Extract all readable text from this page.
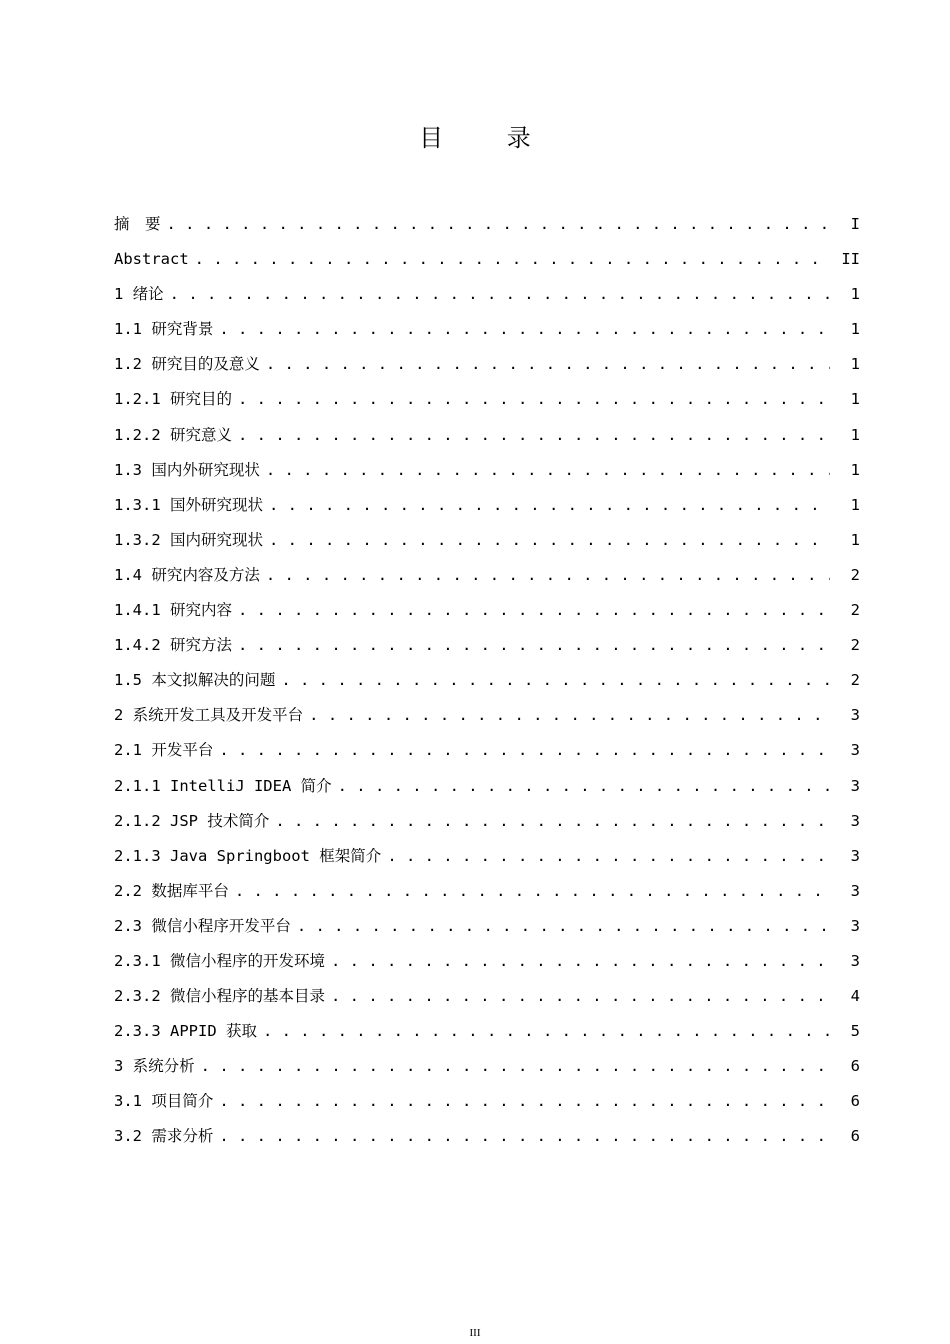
目 录
摘　要 . . .	I
Abstract . . .	II
1 绪论 . . .	1
1.1 研究背景 . . .	1
1.2 研究目的及意义 . . .	1
1.2.1 研究目的 . . .	1
1.2.2 研究意义 . . .	1
1.3 国内外研究现状 . . .	1
1.3.1 国外研究现状 . . .	1
1.3.2 国内研究现状 . . .	1
1.4 研究内容及方法 . . .	2
1.4.1 研究内容 . . .	2
1.4.2 研究方法 . . .	2
1.5 本文拟解决的问题 . . .	2
2 系统开发工具及开发平台 . . .	3
2.1 开发平台 . . .	3
2.1.1 IntelliJ IDEA 简介 . . .	3
2.1.2 JSP 技术简介 . . .	3
2.1.3 Java Springboot 框架简介 . . .	3
2.2 数据库平台 . . .	3
2.3 微信小程序开发平台 . . .	3
2.3.1 微信小程序的开发环境 . . .	3
2.3.2 微信小程序的基本目录 . . .	4
2.3.3 APPID 获取 . . .	5
3 系统分析 . . .	6
3.1 项目简介 . . .	6
3.2 需求分析 . . .	6
III
